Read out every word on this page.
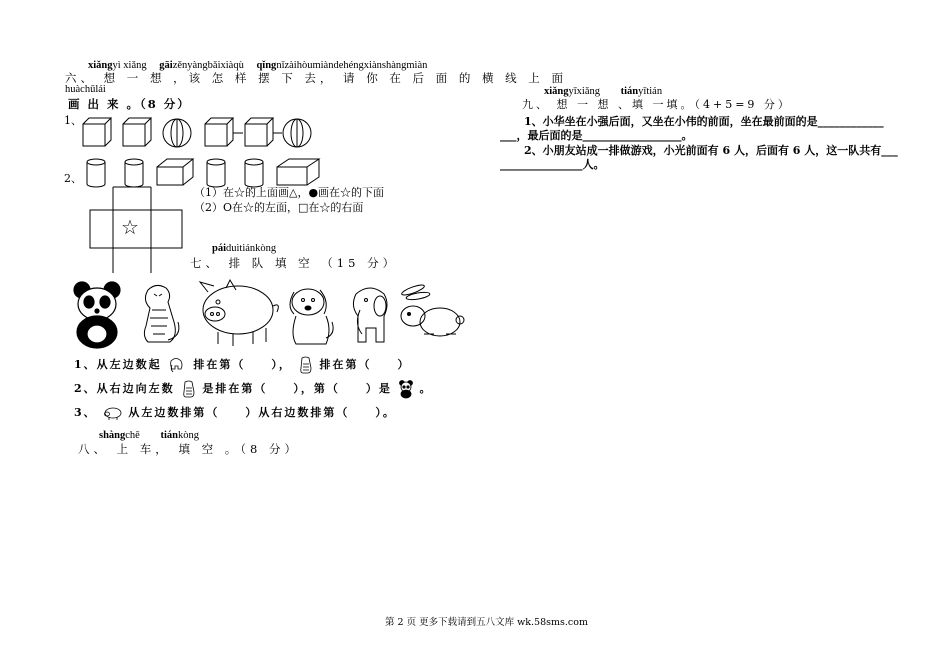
xiǎngyì xiǎng gāizěnyàngbǎixiàqù qǐngnǐzàihòumiàndehéngxiànshàngmiàn
六、 想 一 想 ，该 怎 样 摆 下 去， 请 你 在 后 面 的 横 线 上 面
huàchūlái
画 出 来 。（8 分）
1、
2、
☆
（1）在☆的上面画△，●画在☆的下面
（2）O在☆的左面，□在☆的右面
páiduìtiánkòng
七、 排 队 填 空 （15 分）
1、从左边数起	排在第（　　），	排在第（　　）
2、从右边向左数	是排在第（　　），第（　　）是	。
3、	从左边数排第（　　）从右边数排第（　　）。
shàngchē tiánkòng
八、 上 车， 填 空 。（8 分）
xiǎngyīxiǎng tiányītián
九、 想 一 想 、填 一填。（4+5=9 分）
1、小华坐在小强后面，又坐在小伟的前面，坐在最前面的是____________
___，最后面的是__________________。
2、小朋友站成一排做游戏，小光前面有 6 人，后面有 6 人，这一队共有___
_______________人。
第 2 页 更多下载请到五八文库 wk.58sms.com
